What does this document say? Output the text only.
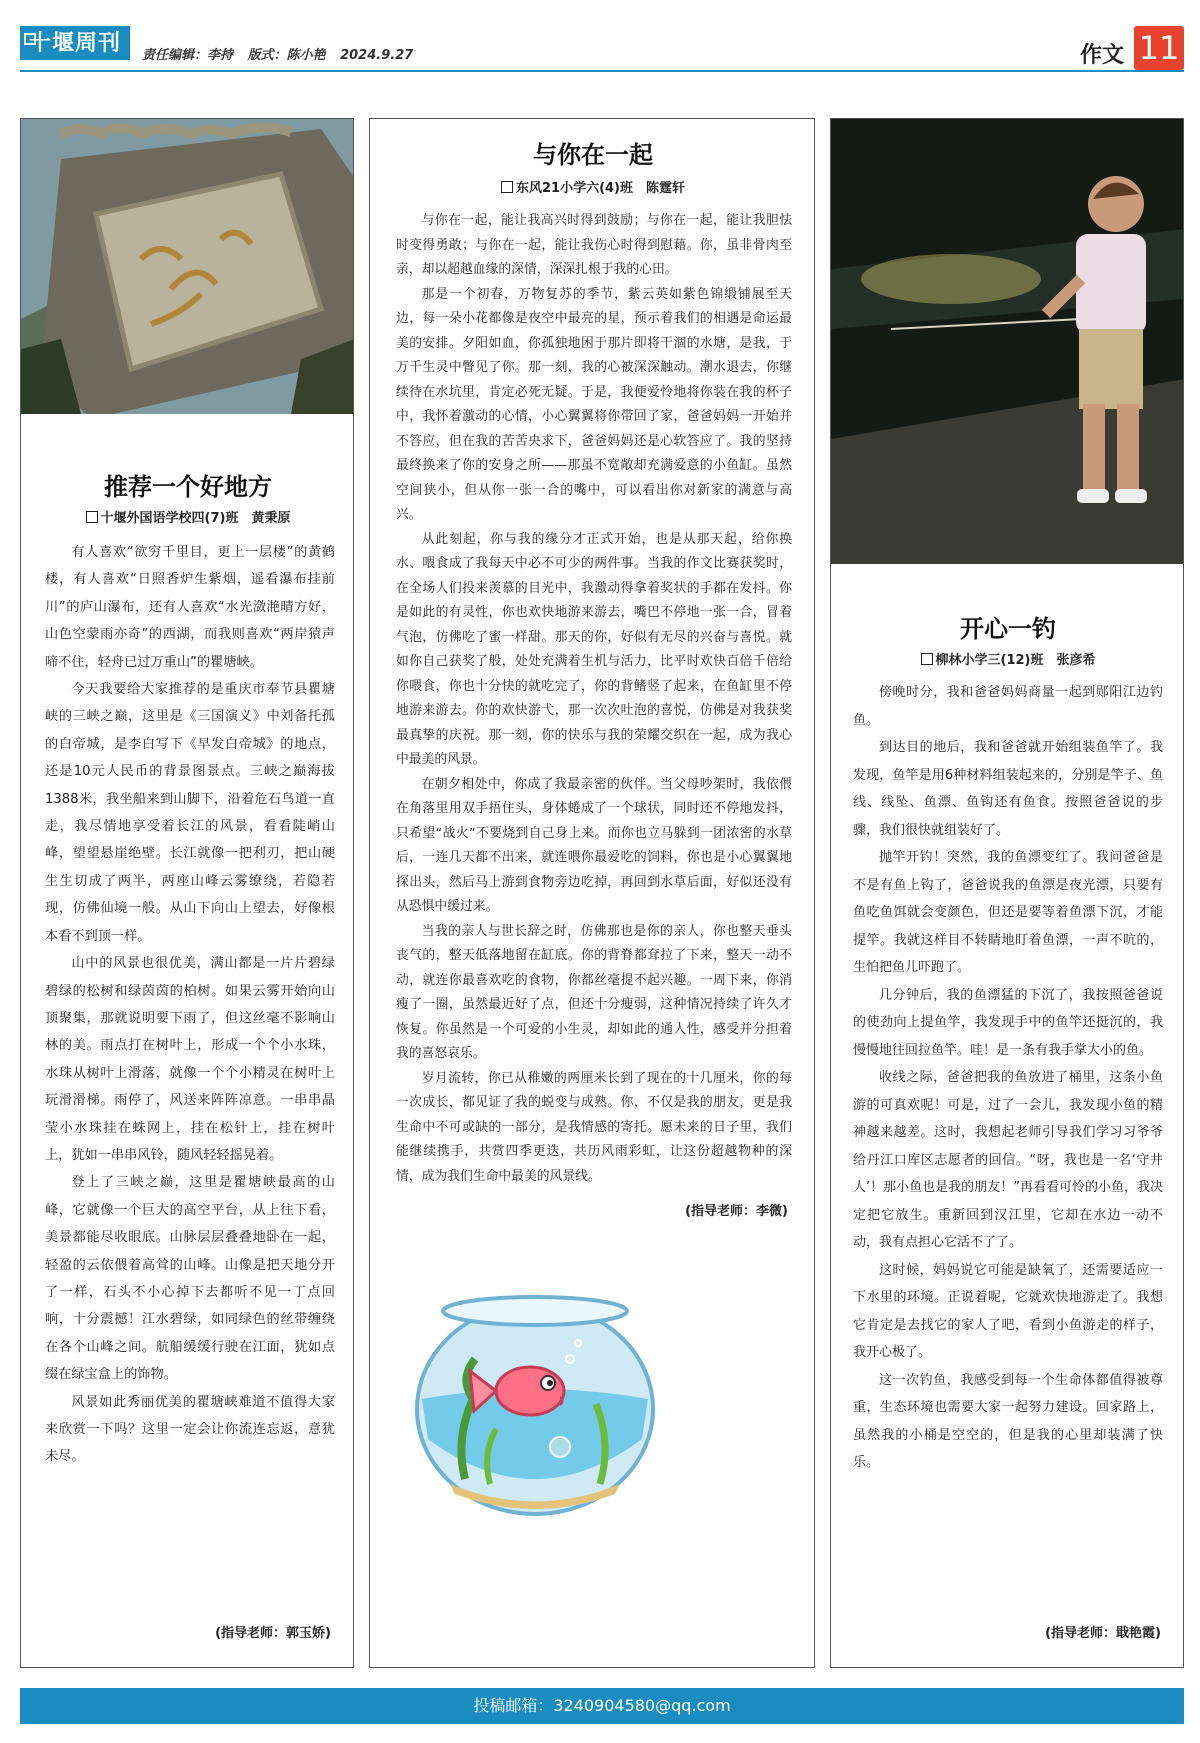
十堰周刊	责任编辑：李持 版式：陈小艳 2024.9.27	作文 11
推荐一个好地方
十堰外国语学校四(7)班　黄秉原

有人喜欢“欲穷千里目，更上一层楼”的黄鹤楼，有人喜欢“日照香炉生紫烟，遥看瀑布挂前川”的庐山瀑布，还有人喜欢“水光潋滟晴方好，山色空蒙雨亦奇”的西湖，而我则喜欢“两岸猿声啼不住，轻舟已过万重山”的瞿塘峡。

今天我要给大家推荐的是重庆市奉节县瞿塘峡的三峡之巅，这里是《三国演义》中刘备托孤的白帝城，是李白写下《早发白帝城》的地点，还是10元人民币的背景图景点。三峡之巅海拔1388米，我坐船来到山脚下，沿着危石鸟道一直走，我尽情地享受着长江的风景，看看陡峭山峰，望望悬崖绝壁。长江就像一把利刃，把山硬生生切成了两半，两座山峰云雾缭绕，若隐若现，仿佛仙境一般。从山下向山上望去，好像根本看不到顶一样。

山中的风景也很优美，满山都是一片片碧绿碧绿的松树和绿茵茵的柏树。如果云雾开始向山顶聚集，那就说明要下雨了，但这丝毫不影响山林的美。雨点打在树叶上，形成一个个小水珠，水珠从树叶上滑落，就像一个个小精灵在树叶上玩滑滑梯。雨停了，风送来阵阵凉意。一串串晶莹小水珠挂在蛛网上，挂在松针上，挂在树叶上，犹如一串串风铃，随风轻轻摇晃着。

登上了三峡之巅，这里是瞿塘峡最高的山峰，它就像一个巨大的高空平台，从上往下看，美景都能尽收眼底。山脉层层叠叠地卧在一起，轻盈的云依偎着高耸的山峰。山像是把天地分开了一样，石头不小心掉下去都听不见一丁点回响，十分震撼！江水碧绿，如同绿色的丝带缠绕在各个山峰之间。航船缓缓行驶在江面，犹如点缀在绿宝盒上的饰物。

风景如此秀丽优美的瞿塘峡难道不值得大家来欣赏一下吗？这里一定会让你流连忘返，意犹未尽。

(指导老师：郭玉娇)
与你在一起
东风21小学六(4)班　陈霆轩

与你在一起，能让我高兴时得到鼓励；与你在一起，能让我胆怯时变得勇敢；与你在一起，能让我伤心时得到慰藉。你，虽非骨肉至亲，却以超越血缘的深情，深深扎根于我的心田。

那是一个初春，万物复苏的季节，紫云英如紫色锦缎铺展至天边，每一朵小花都像是夜空中最亮的星，预示着我们的相遇是命运最美的安排。夕阳如血，你孤独地困于那片即将干涸的水塘，是我，于万千生灵中瞥见了你。那一刻，我的心被深深触动。潮水退去，你继续待在水坑里，肯定必死无疑。于是，我便爱怜地将你装在我的杯子中，我怀着激动的心情，小心翼翼将你带回了家，爸爸妈妈一开始并不答应，但在我的苦苦央求下，爸爸妈妈还是心软答应了。我的坚持最终换来了你的安身之所——那虽不宽敞却充满爱意的小鱼缸。虽然空间狭小，但从你一张一合的嘴中，可以看出你对新家的满意与高兴。

从此刻起，你与我的缘分才正式开始，也是从那天起，给你换水、喂食成了我每天中必不可少的两件事。当我的作文比赛获奖时，在全场人们投来羡慕的目光中，我激动得拿着奖状的手都在发抖。你是如此的有灵性，你也欢快地游来游去，嘴巴不停地一张一合，冒着气泡，仿佛吃了蜜一样甜。那天的你，好似有无尽的兴奋与喜悦。就如你自己获奖了般，处处充满着生机与活力，比平时欢快百倍千倍给你喂食，你也十分快的就吃完了，你的背鳍竖了起来，在鱼缸里不停地游来游去。你的欢快游弋，那一次次吐泡的喜悦，仿佛是对我获奖最真挚的庆祝。那一刻，你的快乐与我的荣耀交织在一起，成为我心中最美的风景。

在朝夕相处中，你成了我最亲密的伙伴。当父母吵架时，我依偎在角落里用双手捂住头，身体蜷成了一个球状，同时还不停地发抖，只希望“战火”不要烧到自己身上来。而你也立马躲到一团浓密的水草后，一连几天都不出来，就连喂你最爱吃的饲料，你也是小心翼翼地探出头，然后马上游到食物旁边吃掉，再回到水草后面，好似还没有从恐惧中缓过来。

当我的亲人与世长辞之时，仿佛那也是你的亲人，你也整天垂头丧气的，整天低落地留在缸底。你的背脊都耷拉了下来，整天一动不动，就连你最喜欢吃的食物，你都丝毫提不起兴趣。一周下来，你消瘦了一圈，虽然最近好了点，但还十分瘦弱，这种情况持续了许久才恢复。你虽然是一个可爱的小生灵，却如此的通人性，感受并分担着我的喜怒哀乐。

岁月流转，你已从稚嫩的两厘米长到了现在的十几厘米，你的每一次成长，都见证了我的蜕变与成熟。你，不仅是我的朋友，更是我生命中不可或缺的一部分，是我情感的寄托。愿未来的日子里，我们能继续携手，共赏四季更迭，共历风雨彩虹，让这份超越物种的深情，成为我们生命中最美的风景线。

(指导老师：李微)
开心一钓
柳林小学三(12)班　张彦希

傍晚时分，我和爸爸妈妈商量一起到郧阳江边钓鱼。

到达目的地后，我和爸爸就开始组装鱼竿了。我发现，鱼竿是用6种材料组装起来的，分别是竿子、鱼线、线坠、鱼漂、鱼钩还有鱼食。按照爸爸说的步骤，我们很快就组装好了。

抛竿开钓！突然，我的鱼漂变红了。我问爸爸是不是有鱼上钩了，爸爸说我的鱼漂是夜光漂，只要有鱼吃鱼饵就会变颜色，但还是要等着鱼漂下沉，才能提竿。我就这样目不转睛地盯着鱼漂，一声不吭的，生怕把鱼儿吓跑了。

几分钟后，我的鱼漂猛的下沉了，我按照爸爸说的使劲向上提鱼竿，我发现手中的鱼竿还挺沉的，我慢慢地往回拉鱼竿。哇！是一条有我手掌大小的鱼。

收线之际，爸爸把我的鱼放进了桶里，这条小鱼游的可真欢呢！可是，过了一会儿，我发现小鱼的精神越来越差。这时，我想起老师引导我们学习习爷爷给丹江口库区志愿者的回信。“呀，我也是一名‘守井人’！那小鱼也是我的朋友！”再看看可怜的小鱼，我决定把它放生。重新回到汉江里，它却在水边一动不动，我有点担心它活不了了。

这时候，妈妈说它可能是缺氧了，还需要适应一下水里的环境。正说着呢，它就欢快地游走了。我想它肯定是去找它的家人了吧，看到小鱼游走的样子，我开心极了。

这一次钓鱼，我感受到每一个生命体都值得被尊重，生态环境也需要大家一起努力建设。回家路上，虽然我的小桶是空空的，但是我的心里却装满了快乐。

(指导老师：戢艳霞)
投稿邮箱：3240904580@qq.com
